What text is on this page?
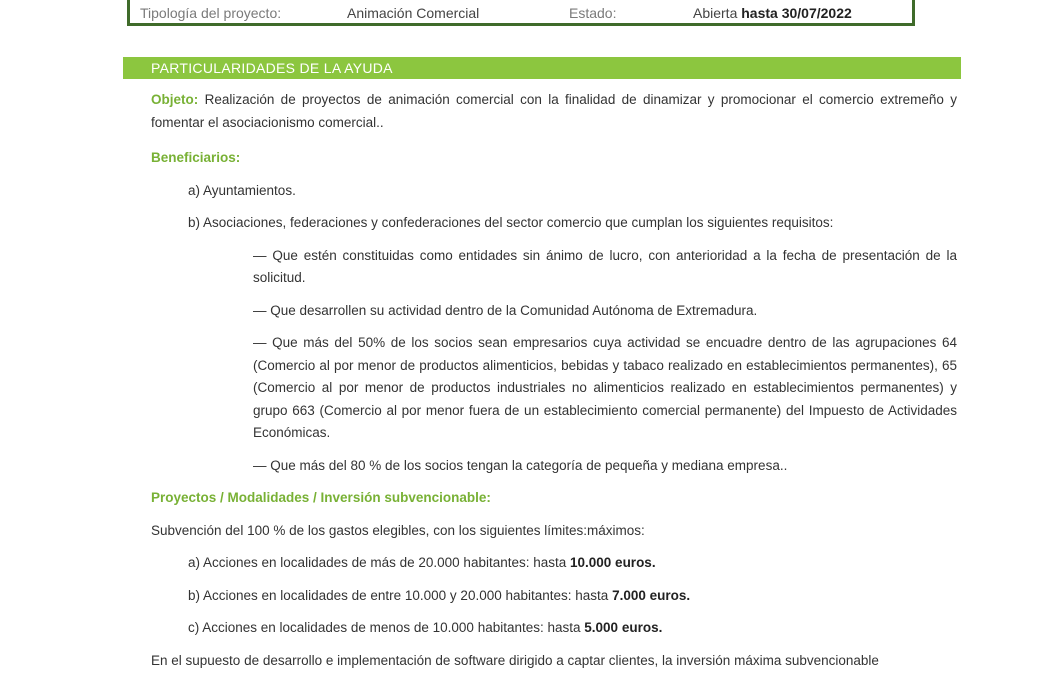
Tipología del proyecto:	Animación Comercial	Estado:	Abierta hasta 30/07/2022
PARTICULARIDADES DE LA AYUDA

Objeto: Realización de proyectos de animación comercial con la finalidad de dinamizar y promocionar el comercio extremeño y fomentar el asociacionismo comercial..

Beneficiarios:

a) Ayuntamientos.

b) Asociaciones, federaciones y confederaciones del sector comercio que cumplan los siguientes requisitos:

— Que estén constituidas como entidades sin ánimo de lucro, con anterioridad a la fecha de presentación de la solicitud.

— Que desarrollen su actividad dentro de la Comunidad Autónoma de Extremadura.

— Que más del 50% de los socios sean empresarios cuya actividad se encuadre dentro de las agrupaciones 64 (Comercio al por menor de productos alimenticios, bebidas y tabaco realizado en establecimientos permanentes), 65 (Comercio al por menor de productos industriales no alimenticios realizado en establecimientos permanentes) y grupo 663 (Comercio al por menor fuera de un establecimiento comercial permanente) del Impuesto de Actividades Económicas.

— Que más del 80 % de los socios tengan la categoría de pequeña y mediana empresa..

Proyectos / Modalidades / Inversión subvencionable:

Subvención del 100 % de los gastos elegibles, con los siguientes límites:máximos:

a) Acciones en localidades de más de 20.000 habitantes: hasta 10.000 euros.

b) Acciones en localidades de entre 10.000 y 20.000 habitantes: hasta 7.000 euros.

c) Acciones en localidades de menos de 10.000 habitantes: hasta 5.000 euros.

En el supuesto de desarrollo e implementación de software dirigido a captar clientes, la inversión máxima subvencionable
